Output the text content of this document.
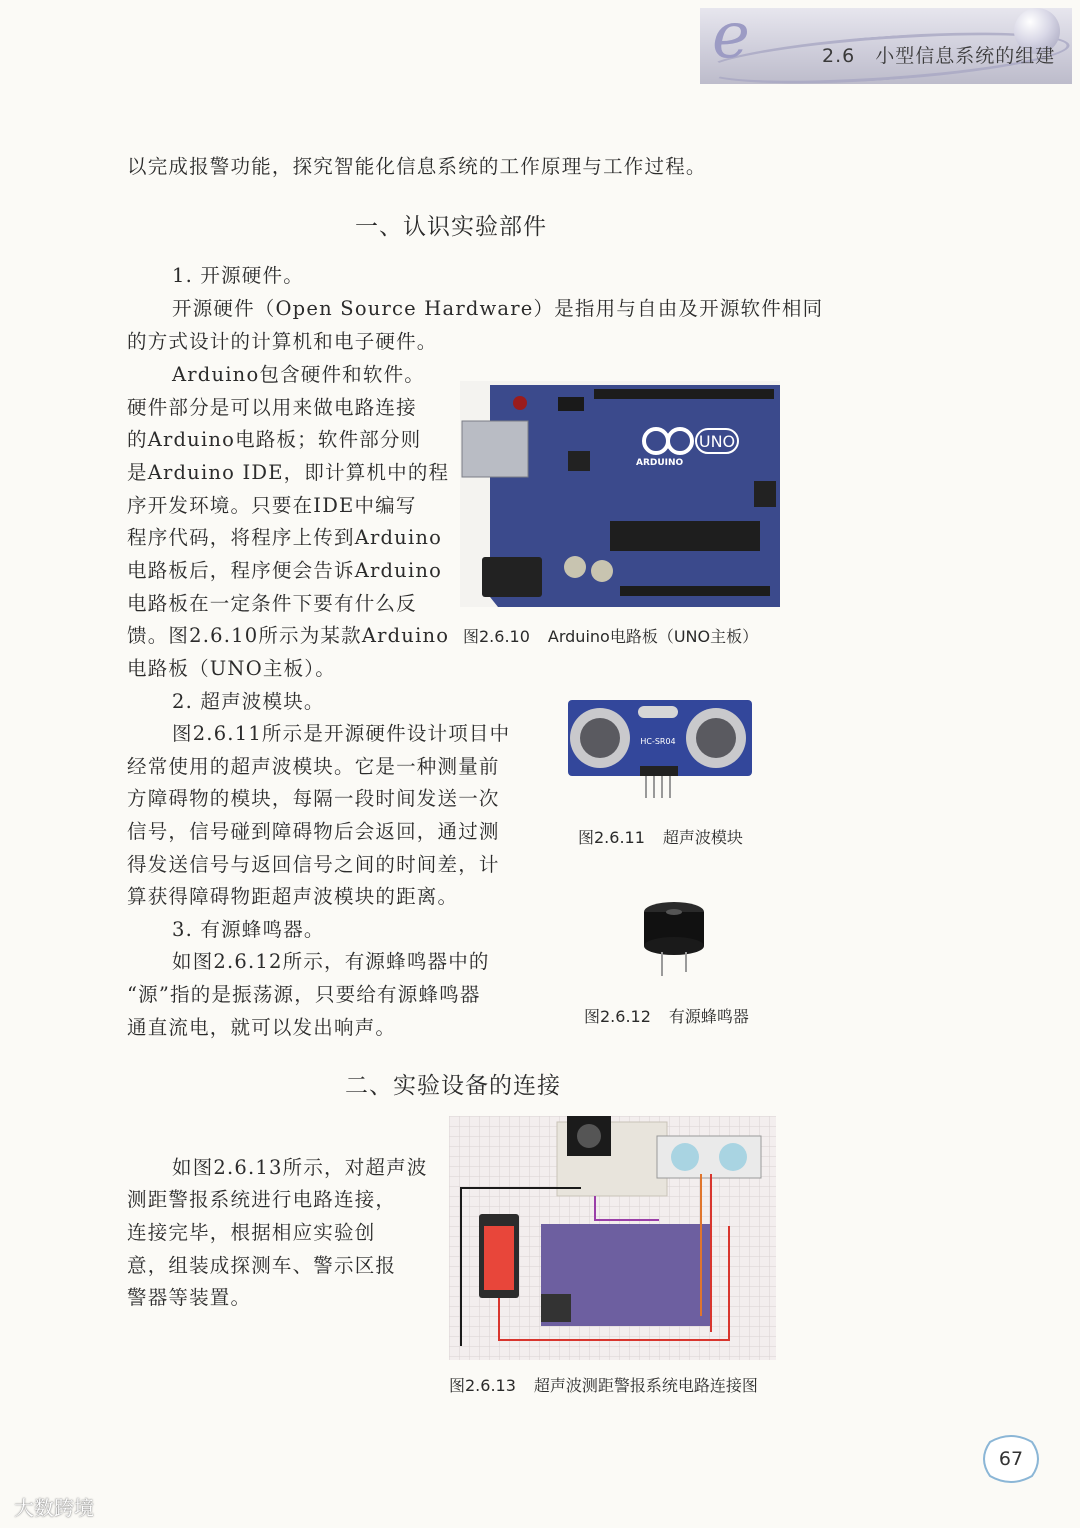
e	2.6　小型信息系统的组建
以完成报警功能，探究智能化信息系统的工作原理与工作过程。
一、认识实验部件
1. 开源硬件。
开源硬件（Open Source Hardware）是指用与自由及开源软件相同
的方式设计的计算机和电子硬件。
Arduino包含硬件和软件。
硬件部分是可以用来做电路连接
的Arduino电路板；软件部分则
是Arduino IDE，即计算机中的程
序开发环境。只要在IDE中编写
程序代码，将程序上传到Arduino
电路板后，程序便会告诉Arduino
电路板在一定条件下要有什么反
馈。图2.6.10所示为某款Arduino
电路板（UNO主板）。
UNO
ARDUINO
图2.6.10 Arduino电路板（UNO主板）
2. 超声波模块。
图2.6.11所示是开源硬件设计项目中
经常使用的超声波模块。它是一种测量前
方障碍物的模块，每隔一段时间发送一次
信号，信号碰到障碍物后会返回，通过测
得发送信号与返回信号之间的时间差，计
算获得障碍物距超声波模块的距离。
HC-SR04
图2.6.11 超声波模块
3. 有源蜂鸣器。
如图2.6.12所示，有源蜂鸣器中的
“源”指的是振荡源，只要给有源蜂鸣器
通直流电，就可以发出响声。	图2.6.12 有源蜂鸣器
二、实验设备的连接
如图2.6.13所示，对超声波
测距警报系统进行电路连接，
连接完毕，根据相应实验创
意，组装成探测车、警示区报
警器等装置。
图2.6.13 超声波测距警报系统电路连接图
67
大数跨境
